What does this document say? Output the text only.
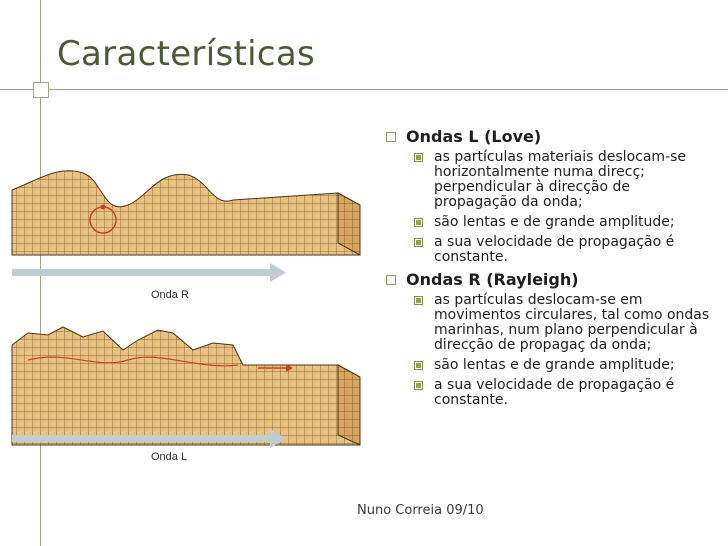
Características
Onda R
Onda L
Ondas L (Love)
as partículas materiais deslocam-se horizontalmente numa direcç; perpendicular à direcção de propagação da onda;
são lentas e de grande amplitude;
a sua velocidade de propagação é constante.
Ondas R (Rayleigh)
as partículas deslocam-se em movimentos circulares, tal como ondas marinhas, num plano perpendicular à direcção de propagaç da onda;
são lentas e de grande amplitude;
a sua velocidade de propagação é constante.
Nuno Correia 09/10
